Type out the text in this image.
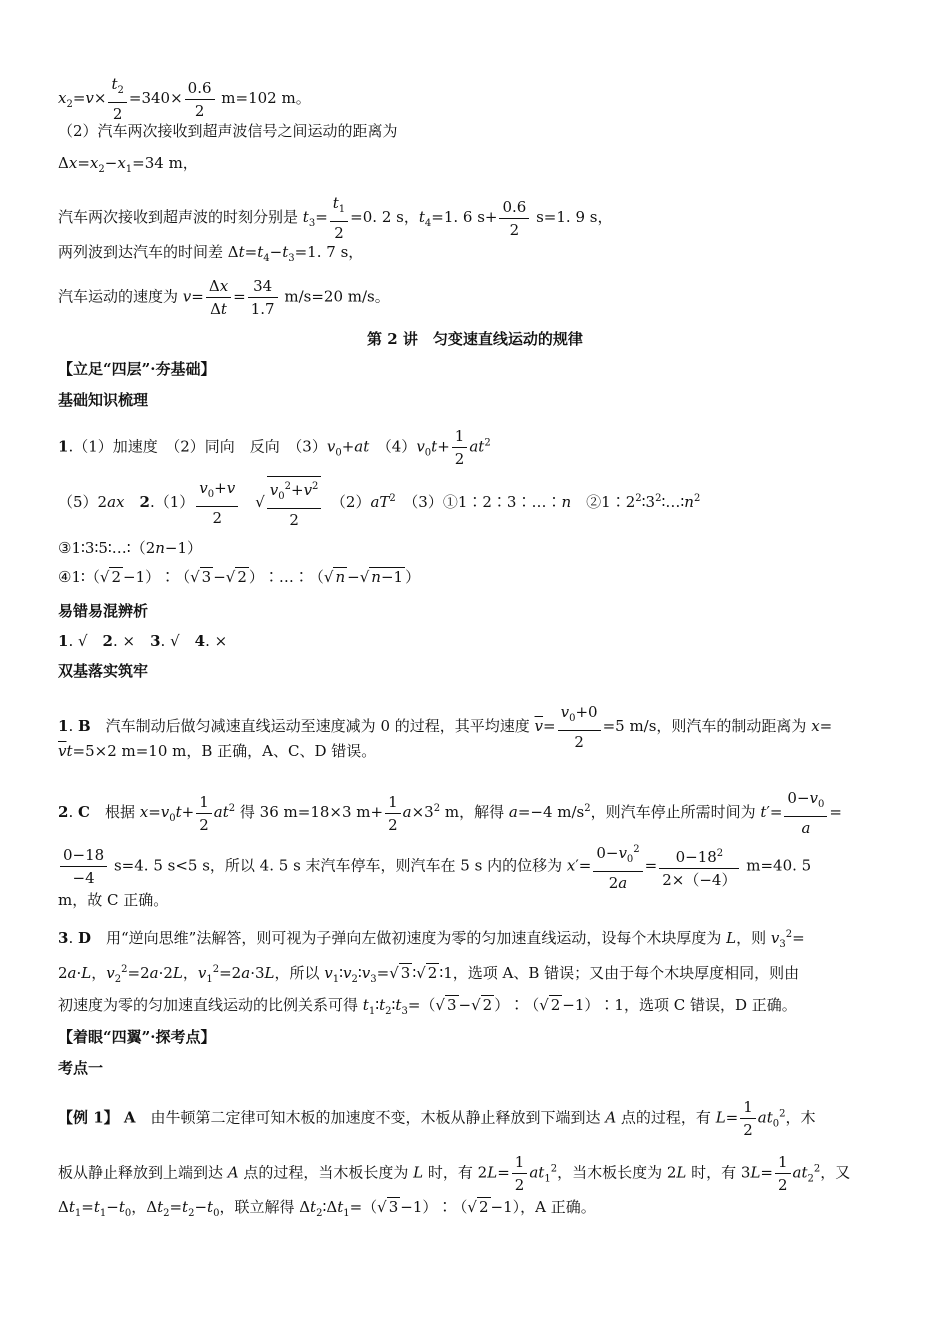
$x_2=v\times \frac{t_2}{2} =340\times \frac{0.6}{2} m=102$ m。
（2）汽车两次接收到超声波信号之间运动的距离为
$\Delta x=x_2-x_1=34$ m，
汽车两次接收到超声波的时刻分别是 $t_3= \frac{t_1}{2} =0$. 2 s，$t_4=1$. 6 $s+ \frac{0.6}{2} s=1$. 9 s，
两列波到达汽车的时间差 $\Delta t=t_4-t_3=1$. 7 s，
汽车运动的速度为 $v= \frac{\Delta x}{\Delta t} = \frac{34}{1.7} m/s=20$ m/s。
第 2 讲　匀变速直线运动的规律
【立足“四层”·夯基础】
基础知识梳理
1.（1）加速度　（2）同向　反向　$(3)v_0+at$　$(4)v_0t+ \frac{1}{2} at^2$
（5）2ax　 $2.(1) \frac{v_0+v}{2}$ 　√ $\frac{v_0^2+v^2}{2}$ 　$(2)aT^2$　（3）①1∶2∶3∶…∶n　$②1∶2^2∶3^2∶\dots∶n^2$
③1∶3∶5∶…∶（2n−1）
④1∶（√ 2 −1）∶（√ 3 −√ 2 ）∶…∶（√ n −√ n−1 ）
易错易混辨析
1. √　2. ×　3. √　4. ×
双基落实筑牢
1. B　汽车制动后做匀减速直线运动至速度减为 0 的过程，其平均速度 $\overline{v}= \frac{v_0+0}{2} =5$ m/s，则汽车的制动距离为 x=
$\overline{v}t=5\times 2$ m=10 m，B 正确，A、C、D 错误。
2. C　根据 $x=v_0t+ \frac{1}{2} at^2$ 得 36 m=18×3 $m+ \frac{1}{2} a\times 3^2$ m，解得 a=−4 $m/s^2$，则汽车停止所需时间为 $t'= \frac{0-v_0}{a}$ =
$\frac{0-18}{-4} s=4$. 5 s<5 s，所以 4. 5 s 末汽车停车，则汽车在 5 s 内的位移为 $x'= \frac{0-v_0^2}{2a} = \frac{0-18^2}{2\times(-4)} m=40$. 5
m，故 C 正确。
3. D　用“逆向思维”法解答，则可视为子弹向左做初速度为零的匀加速直线运动，设每个木块厚度为 L，则 $v_3^2=$
2a·L，$v_2^2=2a\cdot 2L$，$v_1^2=2a\cdot 3L$，所以 $v_1∶v_2∶v_3=√$ 3 ∶√ 2 ∶1，选项 A、B 错误；又由于每个木块厚度相同，则由
初速度为零的匀加速直线运动的比例关系可得 $t_1∶t_2∶t_3=(√$ 3 −√ 2 ）∶（√ 2 −1）∶1，选项 C 错误，D 正确。
【着眼“四翼”·探考点】
考点一
【例 1】 A　由牛顿第二定律可知木板的加速度不变，木板从静止释放到下端到达 A 点的过程，有 $L= \frac{1}{2} at_0^2$，木
板从静止释放到上端到达 A 点的过程，当木板长度为 L 时，有 $2L= \frac{1}{2} at_1^2$，当木板长度为 2L 时，有 $3L= \frac{1}{2} at_2^2$，又
$\Delta t_1=t_1-t_0$，$\Delta t_2=t_2-t_0$，联立解得 $\Delta t_2∶\Delta t_1=(√$ 3 −1）∶（√ 2 −1），A 正确。
